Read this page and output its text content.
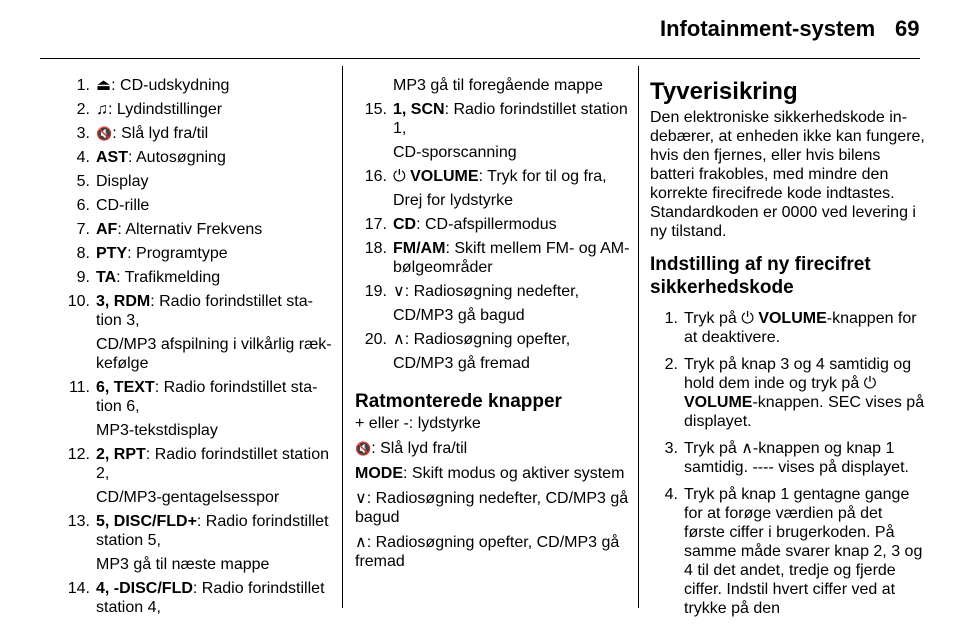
Infotainment-system 69
1. ⏏: CD-udskydning
2. ♫: Lydindstillinger
3. 🔇: Slå lyd fra/til
4. AST: Autosøgning
5. Display
6. CD-rille
7. AF: Alternativ Frekvens
8. PTY: Programtype
9. TA: Trafikmelding
10. 3, RDM: Radio forindstillet station 3,
CD/MP3 afspilning i vilkårlig rækkefølge
11. 6, TEXT: Radio forindstillet station 6,
MP3-tekstdisplay
12. 2, RPT: Radio forindstillet station 2,
CD/MP3-gentagelsesspor
13. 5, DISC/FLD+: Radio forindstillet station 5,
MP3 gå til næste mappe
14. 4, -DISC/FLD: Radio forindstillet station 4,
MP3 gå til foregående mappe
15. 1, SCN: Radio forindstillet station 1,
CD-sporscanning
16. ⏻ VOLUME: Tryk for til og fra,
Drej for lydstyrke
17. CD: CD-afspillermodus
18. FM/AM: Skift mellem FM- og AM-bølgeområder
19. ∨: Radiosøgning nedefter,
CD/MP3 gå bagud
20. ∧: Radiosøgning opefter,
CD/MP3 gå fremad
Ratmonterede knapper
+ eller -: lydstyrke
🔇: Slå lyd fra/til
MODE: Skift modus og aktiver system
∨: Radiosøgning nedefter, CD/MP3 gå bagud
∧: Radiosøgning opefter, CD/MP3 gå fremad
Tyverisikring
Den elektroniske sikkerhedskode indebærer, at enheden ikke kan fungere, hvis den fjernes, eller hvis bilens batteri frakobles, med mindre den korrekte firecifrede kode indtastes. Standardkoden er 0000 ved levering i ny tilstand.
Indstilling af ny firecifret sikkerhedskode
1. Tryk på ⏻ VOLUME-knappen for at deaktivere.
2. Tryk på knap 3 og 4 samtidig og hold dem inde og tryk på ⏻ VOLUME-knappen. SEC vises på displayet.
3. Tryk på ∧-knappen og knap 1 samtidig. ---- vises på displayet.
4. Tryk på knap 1 gentagne gange for at forøge værdien på det første ciffer i brugerkoden. På samme måde svarer knap 2, 3 og 4 til det andet, tredje og fjerde ciffer. Indstil hvert ciffer ved at trykke på den
